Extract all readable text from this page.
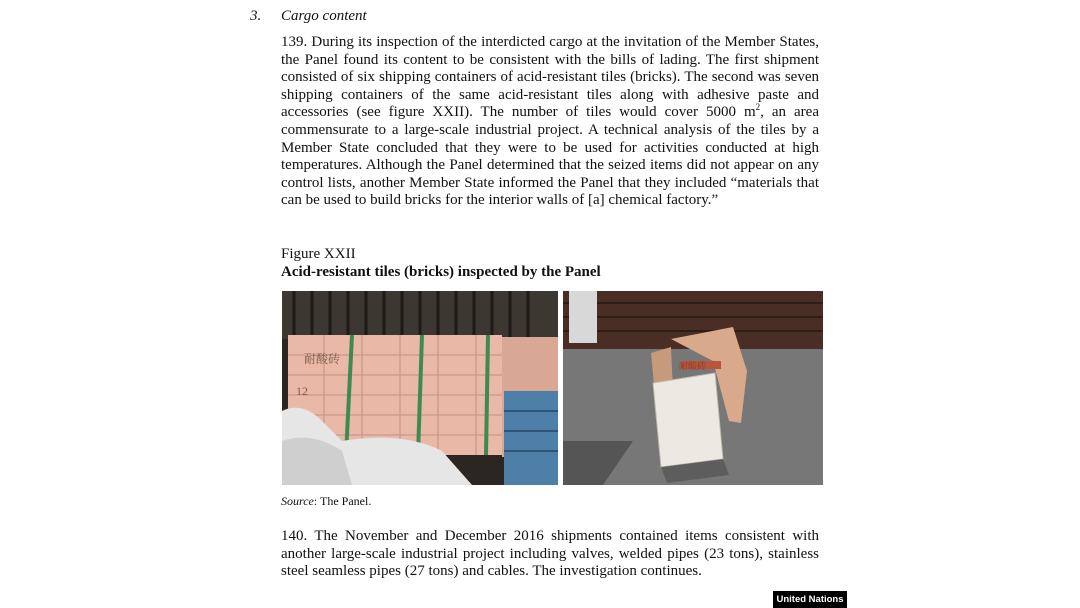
3. Cargo content

139. During its inspection of the interdicted cargo at the invitation of the Member States, the Panel found its content to be consistent with the bills of lading. The first shipment consisted of six shipping containers of acid-resistant tiles (bricks). The second was seven shipping containers of the same acid-resistant tiles along with adhesive paste and accessories (see figure XXII). The number of tiles would cover 5000 $m^2$, an area commensurate to a large-scale industrial project. A technical analysis of the tiles by a Member State concluded that they were to be used for activities conducted at high temperatures. Although the Panel determined that the seized items did not appear on any control lists, another Member State informed the Panel that they included “materials that can be used to build bricks for the interior walls of [a] chemical factory.”

Figure XXII
Acid-resistant tiles (bricks) inspected by the Panel
耐酸砖
12
耐酸砖
Source: The Panel.

140. The November and December 2016 shipments contained items consistent with another large-scale industrial project including valves, welded pipes (23 tons), stainless steel seamless pipes (27 tons) and cables. The investigation continues.

United Nations
